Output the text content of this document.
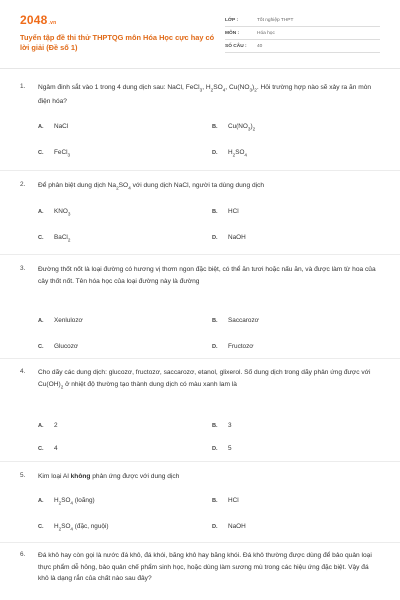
2048.vn
Tuyển tập đề thi thử THPTQG môn Hóa Học cực hay có lời giải (Đề số 1)
LỚP :	Tốt nghiệp THPT
MÔN :	Hóa học
SỐ CÂU : 40
1. Ngâm đinh sắt vào 1 trong 4 dung dịch sau: NaCl, FeCl$_3$, $H_2SO_4$, $Cu(NO_3)_2$. Hỏi trường hợp nào sẽ xảy ra ăn mòn điện hóa?
A. NaCl	B. $Cu(NO_3)_2$
C. FeCl$_3$	D. $H_2SO_4$
2. Để phân biệt dung dịch $Na_2SO_4$ với dung dịch NaCl, người ta dùng dung dịch
A. $KNO_3$	B. HCl
C. BaCl$_2$	D. NaOH
3. Đường thốt nốt là loại đường có hương vị thơm ngon đặc biệt, có thể ăn tươi hoặc nấu ăn, và được làm từ hoa của cây thốt nốt. Tên hóa học của loại đường này là đường
A. Xenlulozơ	B. Saccarozơ
C. Glucozơ	D. Fructozơ
4. Cho dãy các dung dịch: glucozơ, fructozơ, saccarozơ, etanol, glixerol. Số dung dịch trong dãy phản ứng được với $Cu(OH)_2$ ở nhiệt độ thường tạo thành dung dịch có màu xanh lam là
A. 2	B. 3
C. 4	D. 5
5. Kim loại Al không phản ứng được với dung dịch
A. $H_2SO_4$ (loãng)	B. HCl
C. $H_2SO_4$ (đặc, nguội)	D. NaOH
6. Đá khô hay còn gọi là nước đá khô, đá khói, băng khô hay băng khói. Đá khô thường được dùng để bảo quản loại thực phẩm dễ hỏng, bảo quản chế phẩm sinh học, hoặc dùng làm sương mù trong các hiệu ứng đặc biệt. Vậy đá khô là dạng rắn của chất nào sau đây?
